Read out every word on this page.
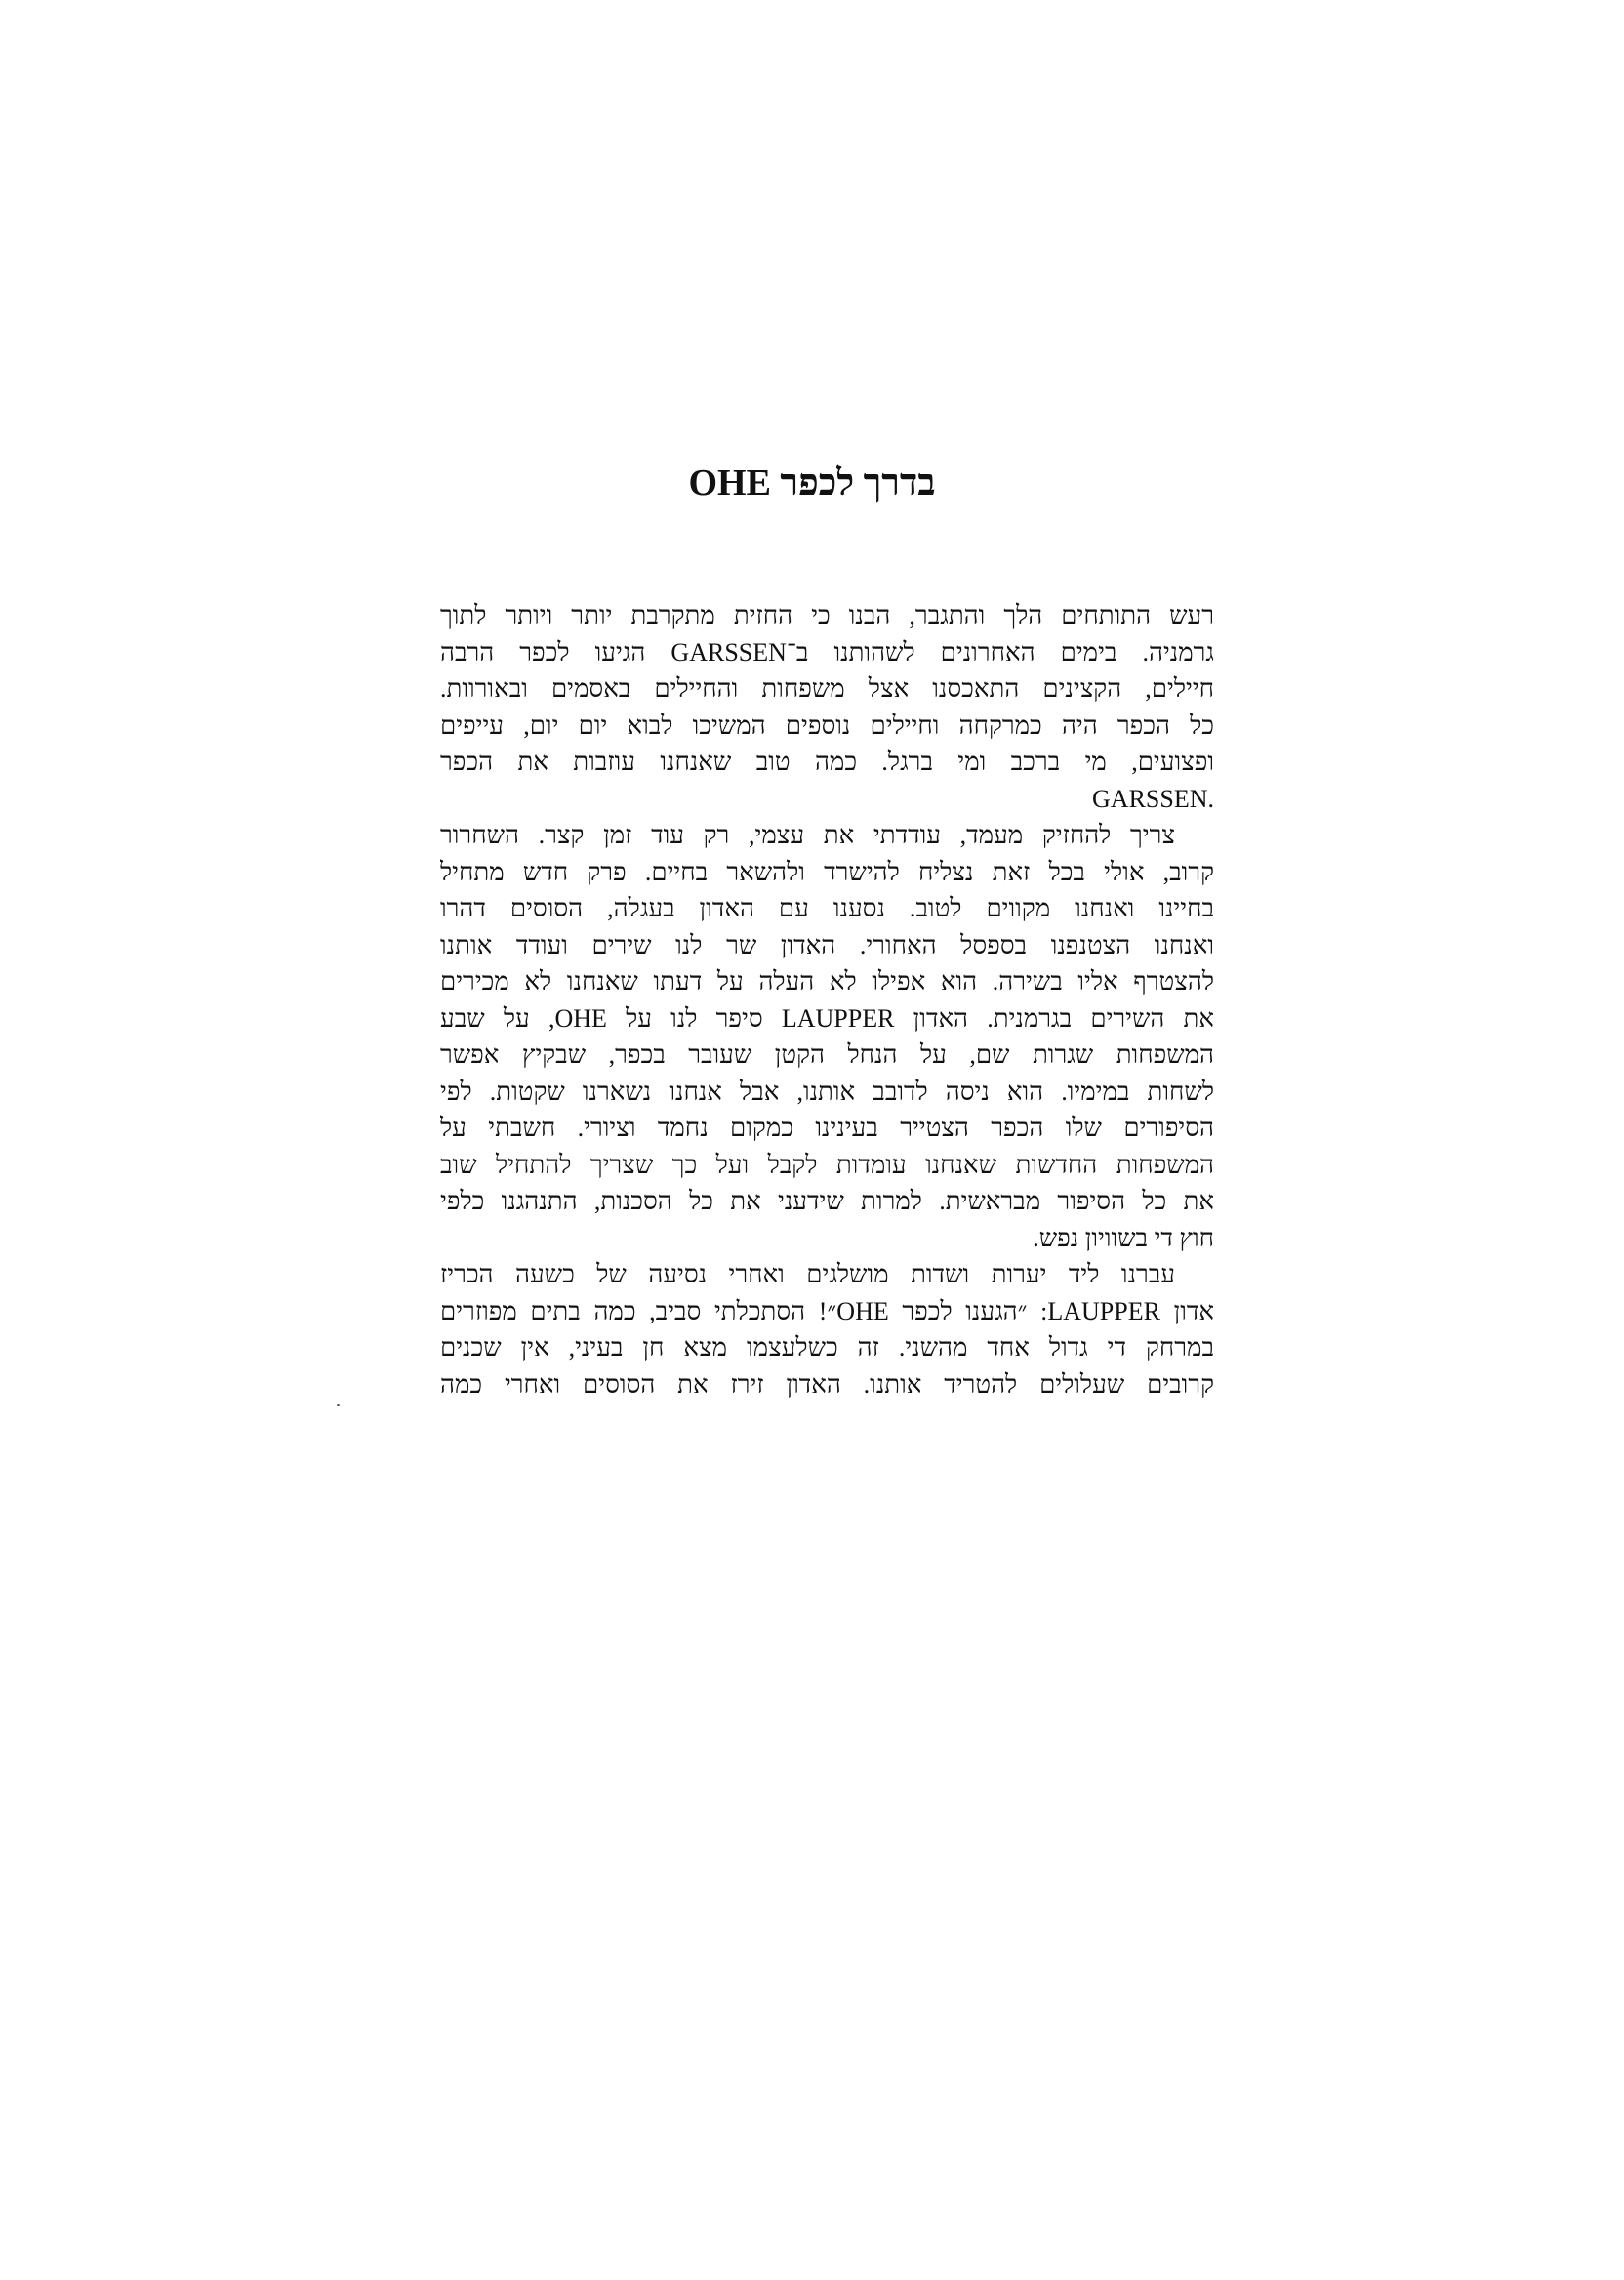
בדרך לכפר OHE
רעש התותחים הלך והתגבר, הבנו כי החזית מתקרבת יותר ויותר לתוך
גרמניה. בימים האחרונים לשהותנו ב־GARSSEN הגיעו לכפר הרבה
חיילים, הקצינים התאכסנו אצל משפחות והחיילים באסמים ובאורוות.
כל הכפר היה כמרקחה וחיילים נוספים המשיכו לבוא יום יום, עייפים
ופצועים, מי ברכב ומי ברגל. כמה טוב שאנחנו עוזבות את הכפר
GARSSEN.
צריך להחזיק מעמד, עודדתי את עצמי, רק עוד זמן קצר. השחרור
קרוב, אולי בכל זאת נצליח להישרד ולהשאר בחיים. פרק חדש מתחיל
בחיינו ואנחנו מקווים לטוב. נסענו עם האדון בעגלה, הסוסים דהרו
ואנחנו הצטנפנו בספסל האחורי. האדון שר לנו שירים ועודד אותנו
להצטרף אליו בשירה. הוא אפילו לא העלה על דעתו שאנחנו לא מכירים
את השירים בגרמנית. האדון LAUPPER סיפר לנו על OHE, על שבע
המשפחות שגרות שם, על הנחל הקטן שעובר בכפר, שבקיץ אפשר
לשחות במימיו. הוא ניסה לדובב אותנו, אבל אנחנו נשארנו שקטות. לפי
הסיפורים שלו הכפר הצטייר בעינינו כמקום נחמד וציורי. חשבתי על
המשפחות החדשות שאנחנו עומדות לקבל ועל כך שצריך להתחיל שוב
את כל הסיפור מבראשית. למרות שידעני את כל הסכנות, התנהגנו כלפי
חוץ די בשוויון נפש.
עברנו ליד יערות ושדות מושלגים ואחרי נסיעה של כשעה הכריז
אדון LAUPPER: ״הגענו לכפר OHE״! הסתכלתי סביב, כמה בתים מפוזרים
במרחק די גדול אחד מהשני. זה כשלעצמו מצא חן בעיני, אין שכנים
קרובים שעלולים להטריד אותנו. האדון זירז את הסוסים ואחרי כמה
